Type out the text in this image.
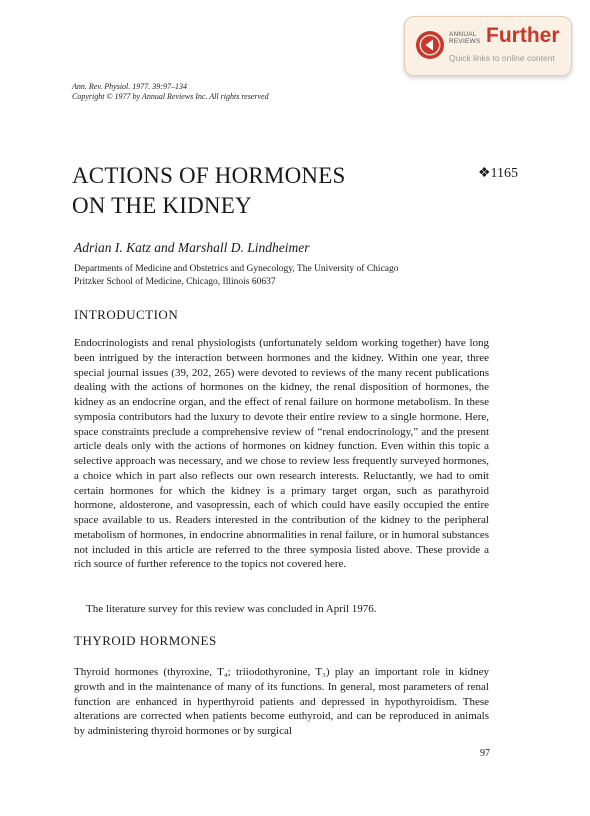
ANNUAL
REVIEWS Further
Quick links to online content
Ann. Rev. Physiol. 1977. 39:97–134
Copyright © 1977 by Annual Reviews Inc. All rights reserved
ACTIONS OF HORMONES
ON THE KIDNEY
❖1165
Adrian I. Katz and Marshall D. Lindheimer
Departments of Medicine and Obstetrics and Gynecology, The University of Chicago
Pritzker School of Medicine, Chicago, Illinois 60637
INTRODUCTION

Endocrinologists and renal physiologists (unfortunately seldom working together) have long been intrigued by the interaction between hormones and the kidney. Within one year, three special journal issues (39, 202, 265) were devoted to reviews of the many recent publications dealing with the actions of hormones on the kidney, the renal disposition of hormones, the kidney as an endocrine organ, and the effect of renal failure on hormone metabolism. In these symposia contributors had the luxury to devote their entire review to a single hormone. Here, space constraints preclude a comprehensive review of “renal endocrinology,” and the present article deals only with the actions of hormones on kidney function. Even within this topic a selective approach was necessary, and we chose to review less frequently surveyed hormones, a choice which in part also reflects our own research interests. Reluctantly, we had to omit certain hormones for which the kidney is a primary target organ, such as parathyroid hormone, aldosterone, and vasopressin, each of which could have easily occupied the entire space available to us. Readers interested in the contribution of the kidney to the peripheral metabolism of hormones, in endocrine abnormalities in renal failure, or in humoral substances not included in this article are referred to the three symposia listed above. These provide a rich source of further reference to the topics not covered here.

The literature survey for this review was concluded in April 1976.

THYROID HORMONES

Thyroid hormones (thyroxine, T₄; triiodothyronine, T₃) play an important role in kidney growth and in the maintenance of many of its functions. In general, most parameters of renal function are enhanced in hyperthyroid patients and depressed in hypothyroidism. These alterations are corrected when patients become euthyroid, and can be reproduced in animals by administering thyroid hormones or by surgical

97
